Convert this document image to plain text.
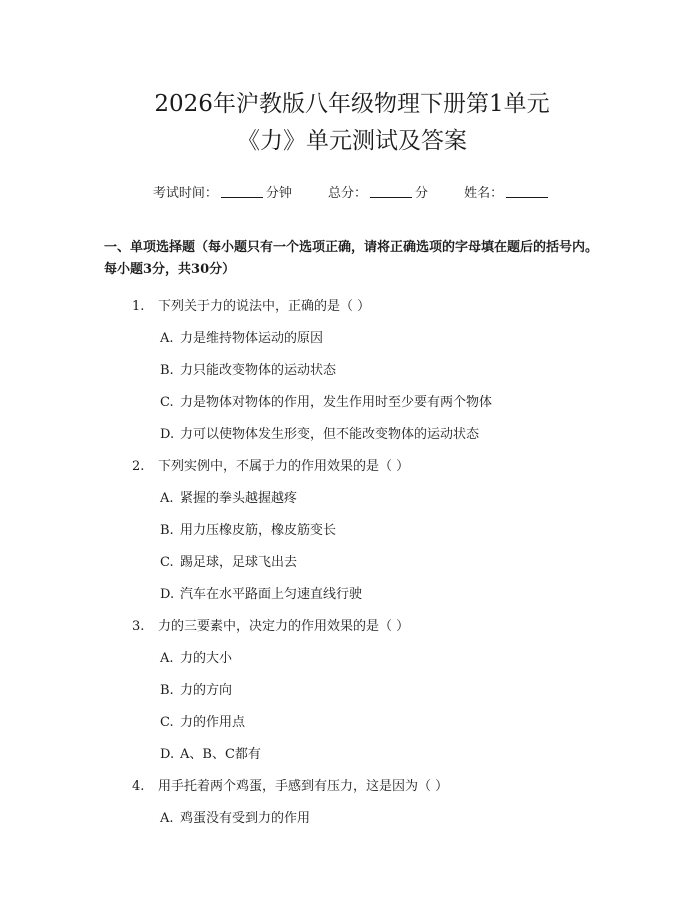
2026年沪教版八年级物理下册第1单元
《力》单元测试及答案
考试时间：	分钟	总分：	分	姓名：
一、单项选择题（每小题只有一个选项正确，请将正确选项的字母填在题后的括号内。每小题3分，共30分）
1. 下列关于力的说法中，正确的是（ ）
A. 力是维持物体运动的原因
B. 力只能改变物体的运动状态
C. 力是物体对物体的作用，发生作用时至少要有两个物体
D. 力可以使物体发生形变，但不能改变物体的运动状态
2. 下列实例中，不属于力的作用效果的是（ ）
A. 紧握的拳头越握越疼
B. 用力压橡皮筋，橡皮筋变长
C. 踢足球，足球飞出去
D. 汽车在水平路面上匀速直线行驶
3. 力的三要素中，决定力的作用效果的是（ ）
A. 力的大小
B. 力的方向
C. 力的作用点
D. A、B、C都有
4. 用手托着两个鸡蛋，手感到有压力，这是因为（ ）
A. 鸡蛋没有受到力的作用
